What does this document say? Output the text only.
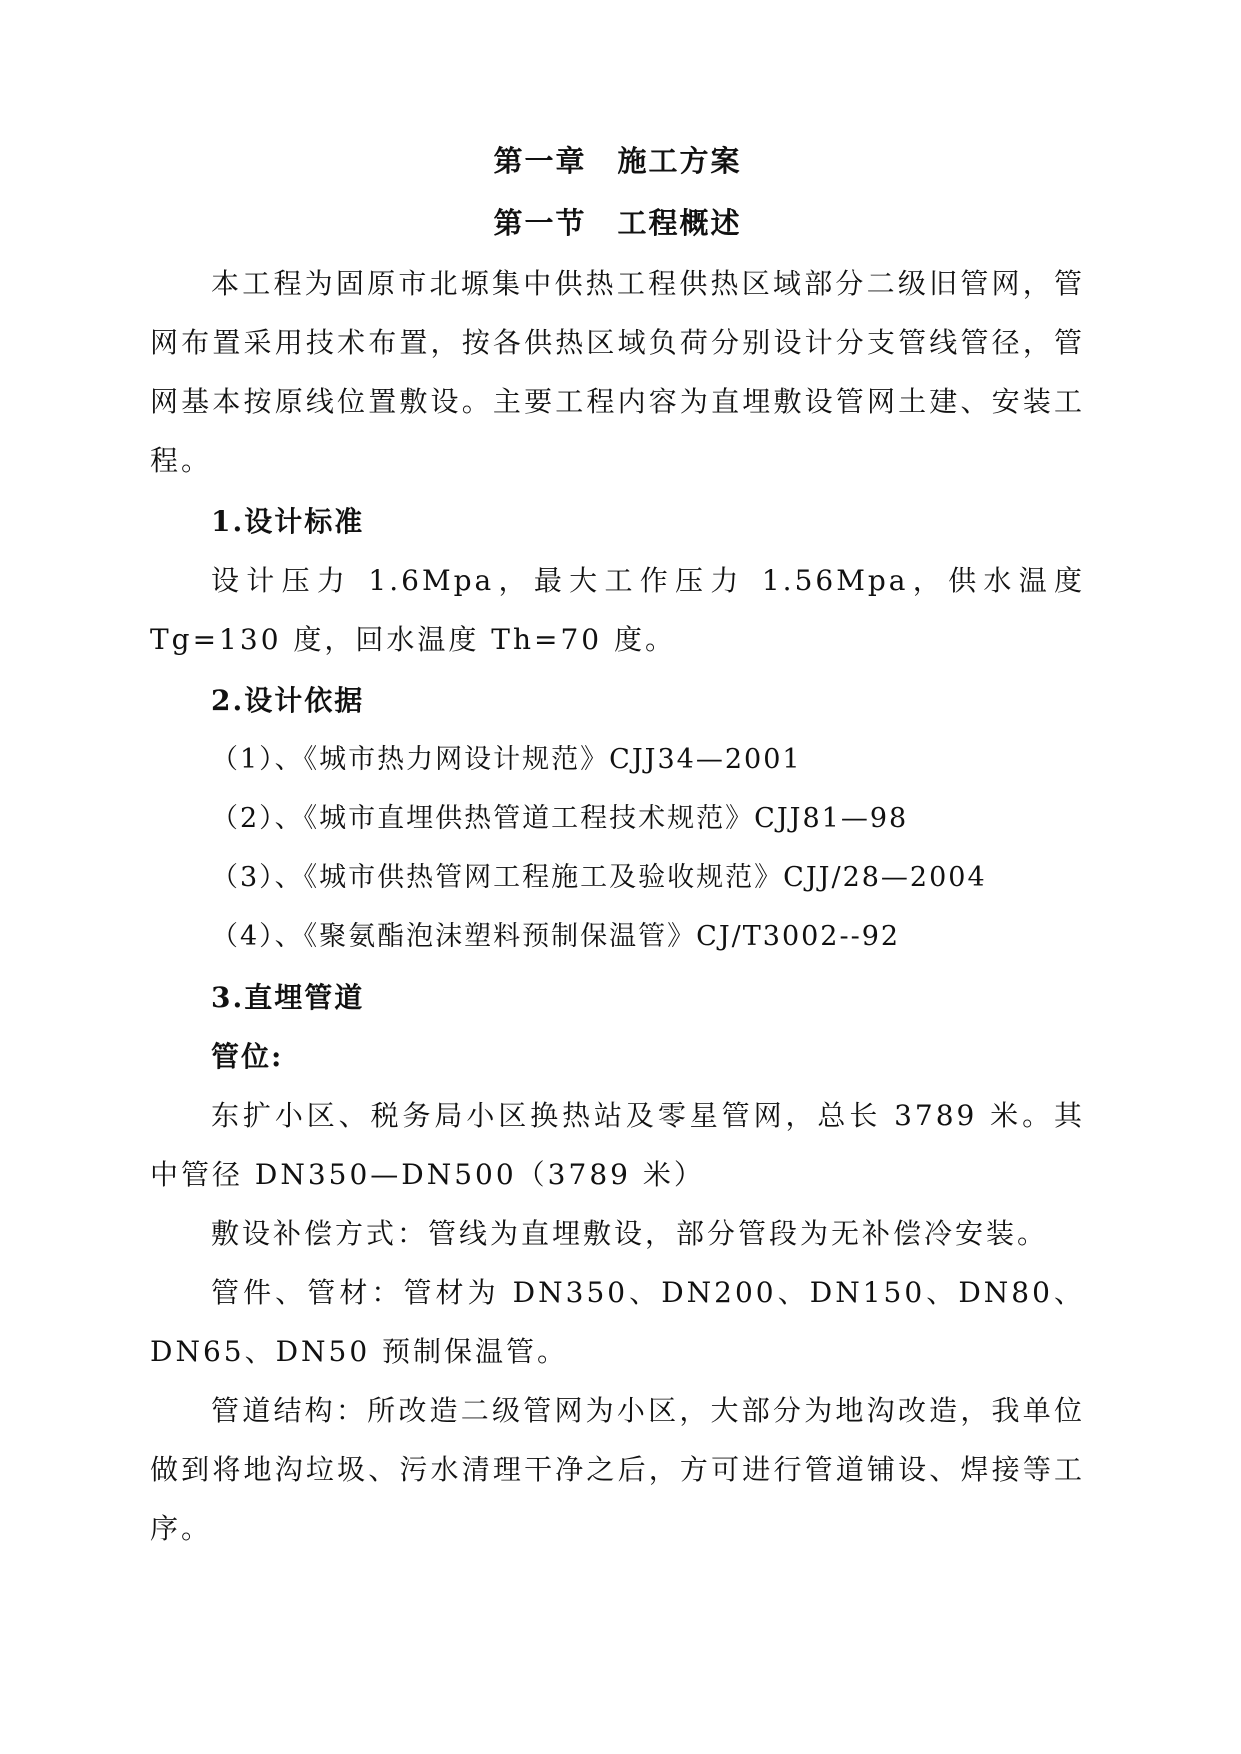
第一章　施工方案
第一节　工程概述

本工程为固原市北塬集中供热工程供热区域部分二级旧管网，管网布置采用技术布置，按各供热区域负荷分别设计分支管线管径，管网基本按原线位置敷设。主要工程内容为直埋敷设管网土建、安装工程。

1.设计标准

设计压力 1.6Mpa，最大工作压力 1.56Mpa，供水温度 Tg=130 度，回水温度 Th=70 度。

2.设计依据

（1）、《城市热力网设计规范》CJJ34—2001

（2）、《城市直埋供热管道工程技术规范》CJJ81—98

（3）、《城市供热管网工程施工及验收规范》CJJ/28—2004

（4）、《聚氨酯泡沫塑料预制保温管》CJ/T3002--92

3.直埋管道

管位:

东扩小区、税务局小区换热站及零星管网，总长 3789 米。其中管径 DN350—DN500（3789 米）

敷设补偿方式：管线为直埋敷设，部分管段为无补偿冷安装。

管件、管材：管材为 DN350、DN200、DN150、DN80、DN65、DN50 预制保温管。

管道结构：所改造二级管网为小区，大部分为地沟改造，我单位做到将地沟垃圾、污水清理干净之后，方可进行管道铺设、焊接等工序。
